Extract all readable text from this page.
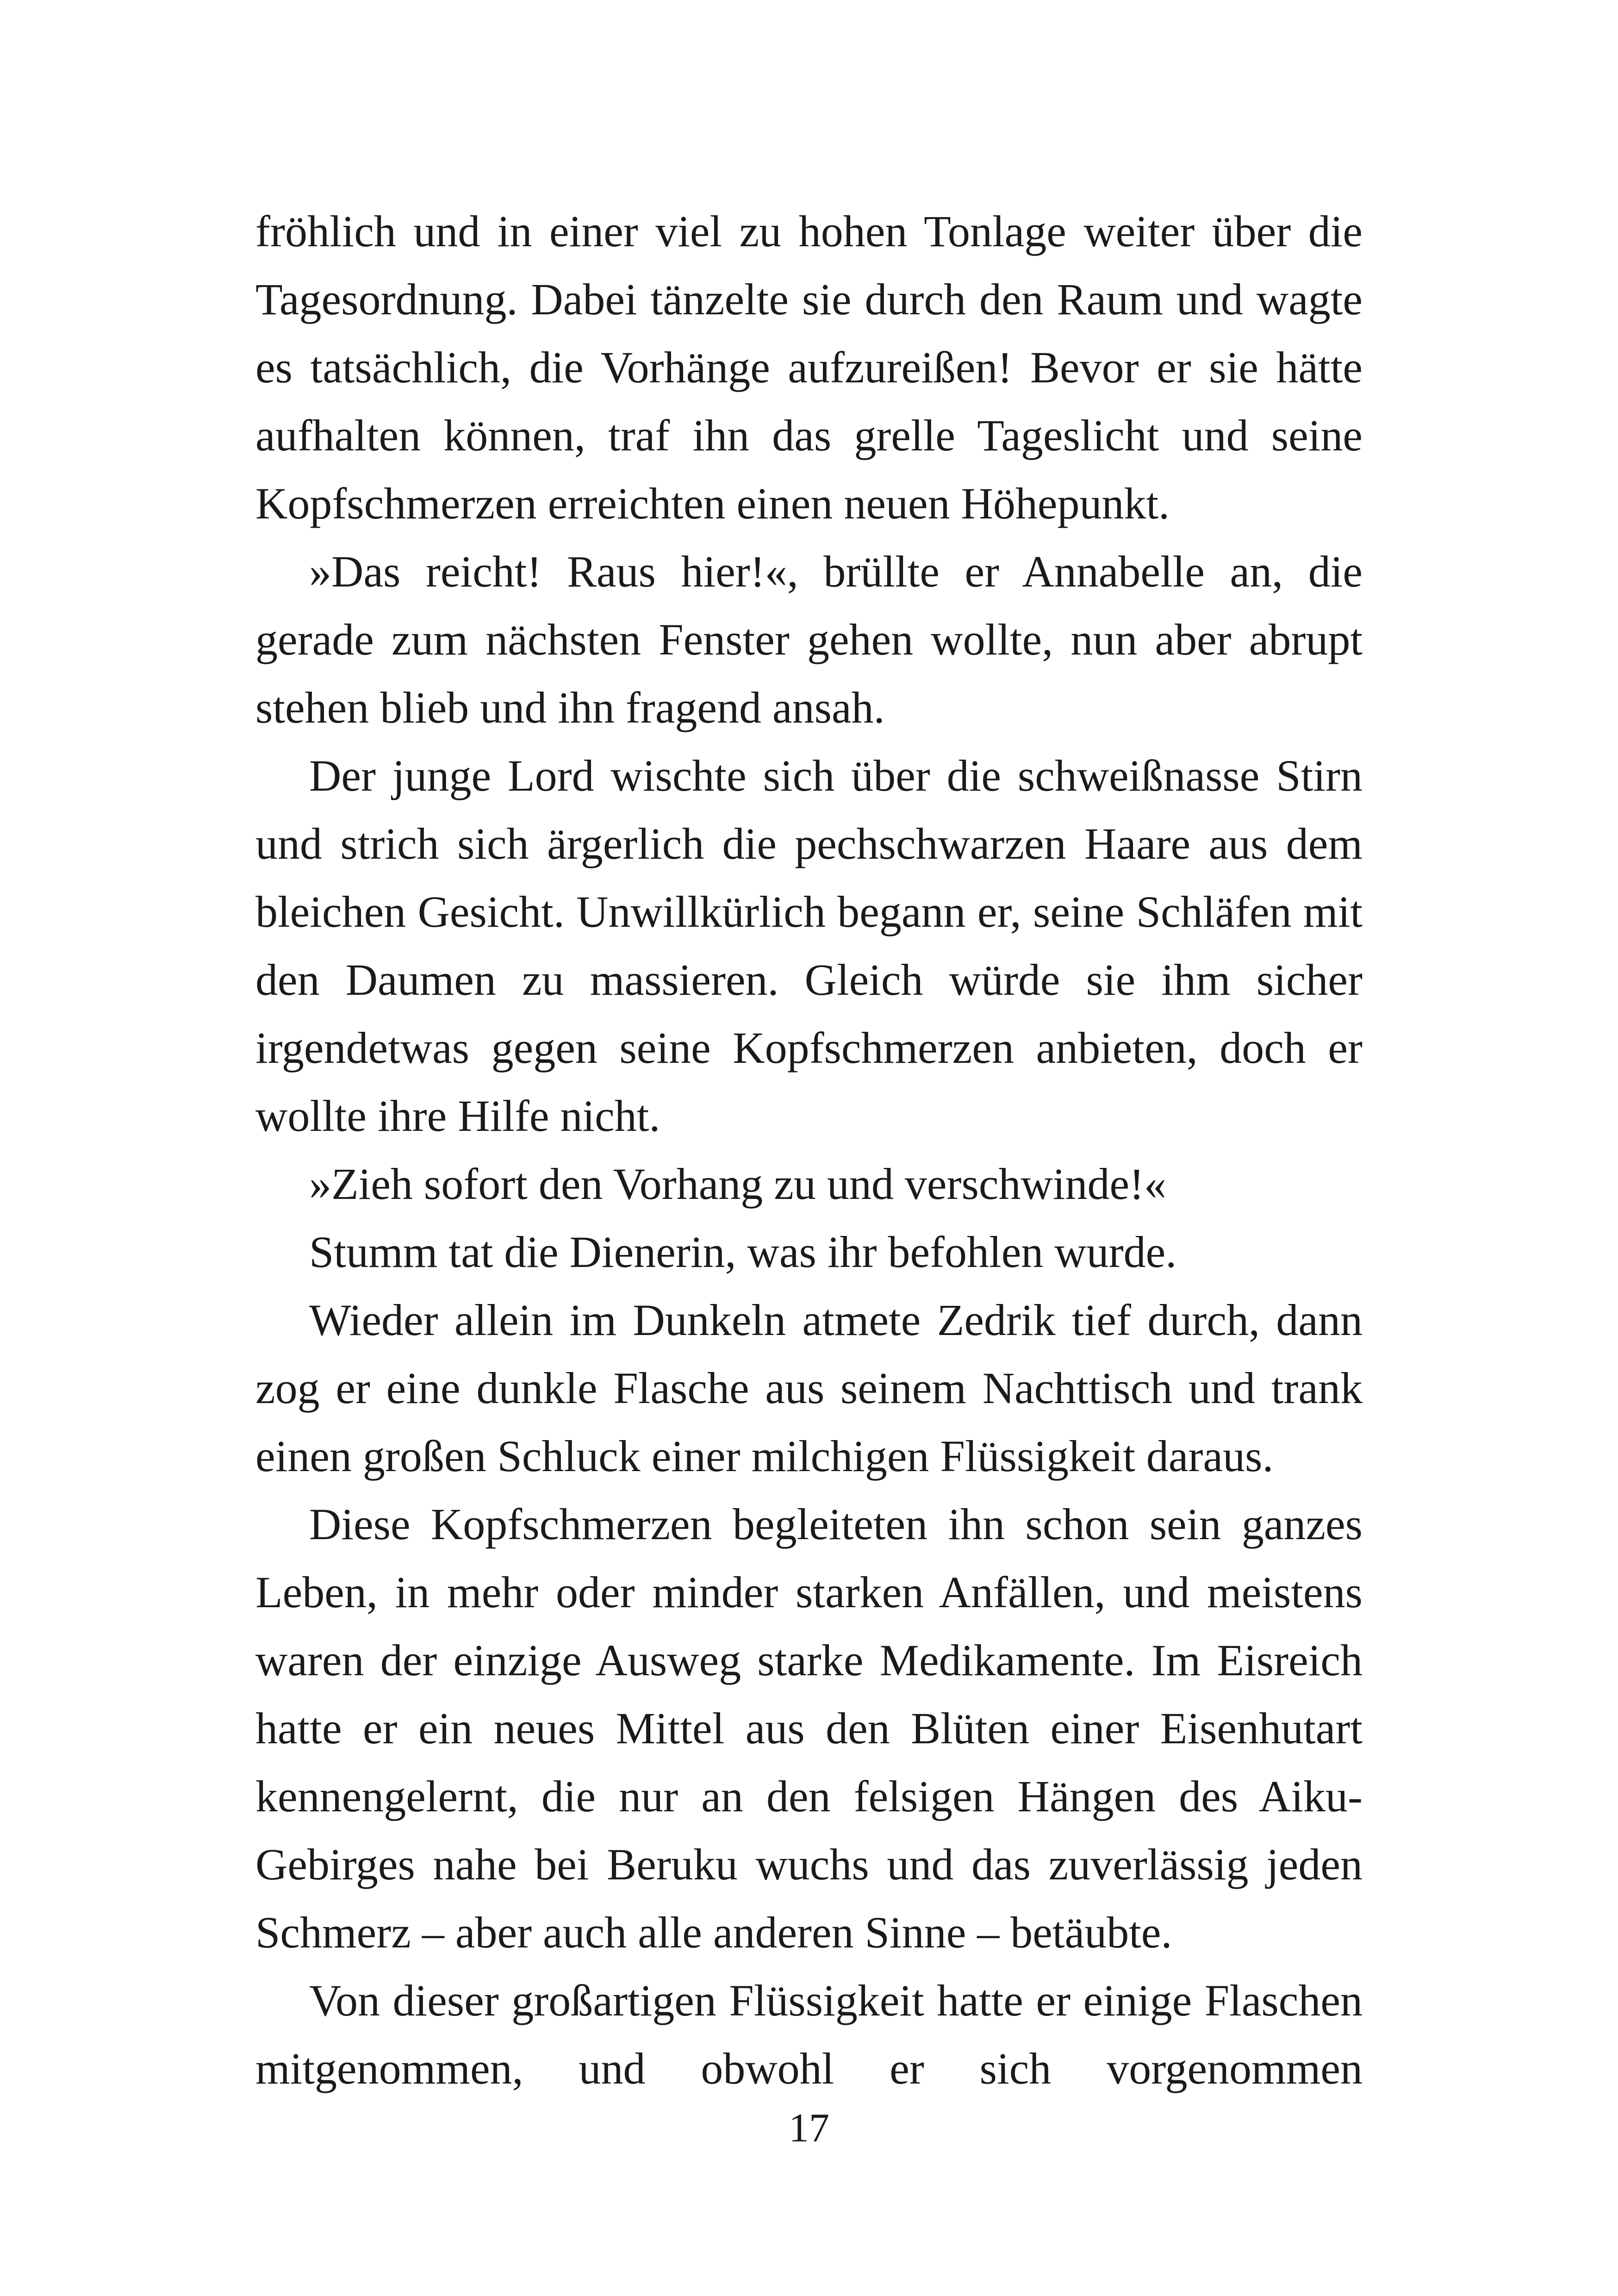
fröhlich und in einer viel zu hohen Tonlage weiter über die Tagesordnung. Dabei tänzelte sie durch den Raum und wagte es tatsächlich, die Vorhänge aufzureißen! Bevor er sie hätte aufhalten können, traf ihn das grelle Tageslicht und seine Kopfschmerzen erreichten einen neuen Höhepunkt.

»Das reicht! Raus hier!«, brüllte er Annabelle an, die gerade zum nächsten Fenster gehen wollte, nun aber abrupt stehen blieb und ihn fragend ansah.

Der junge Lord wischte sich über die schweißnasse Stirn und strich sich ärgerlich die pechschwarzen Haare aus dem bleichen Gesicht. Unwillkürlich begann er, seine Schläfen mit den Daumen zu massieren. Gleich würde sie ihm sicher irgendetwas gegen seine Kopfschmerzen anbieten, doch er wollte ihre Hilfe nicht.

»Zieh sofort den Vorhang zu und verschwinde!«

Stumm tat die Dienerin, was ihr befohlen wurde.

Wieder allein im Dunkeln atmete Zedrik tief durch, dann zog er eine dunkle Flasche aus seinem Nachttisch und trank einen großen Schluck einer milchigen Flüssigkeit daraus.

Diese Kopfschmerzen begleiteten ihn schon sein ganzes Leben, in mehr oder minder starken Anfällen, und meistens waren der einzige Ausweg starke Medikamente. Im Eisreich hatte er ein neues Mittel aus den Blüten einer Eisenhutart kennengelernt, die nur an den felsigen Hängen des Aiku-Gebirges nahe bei Beruku wuchs und das zuverlässig jeden Schmerz – aber auch alle anderen Sinne – betäubte.

Von dieser großartigen Flüssigkeit hatte er einige Flaschen mitgenommen, und obwohl er sich vorgenommen

17
